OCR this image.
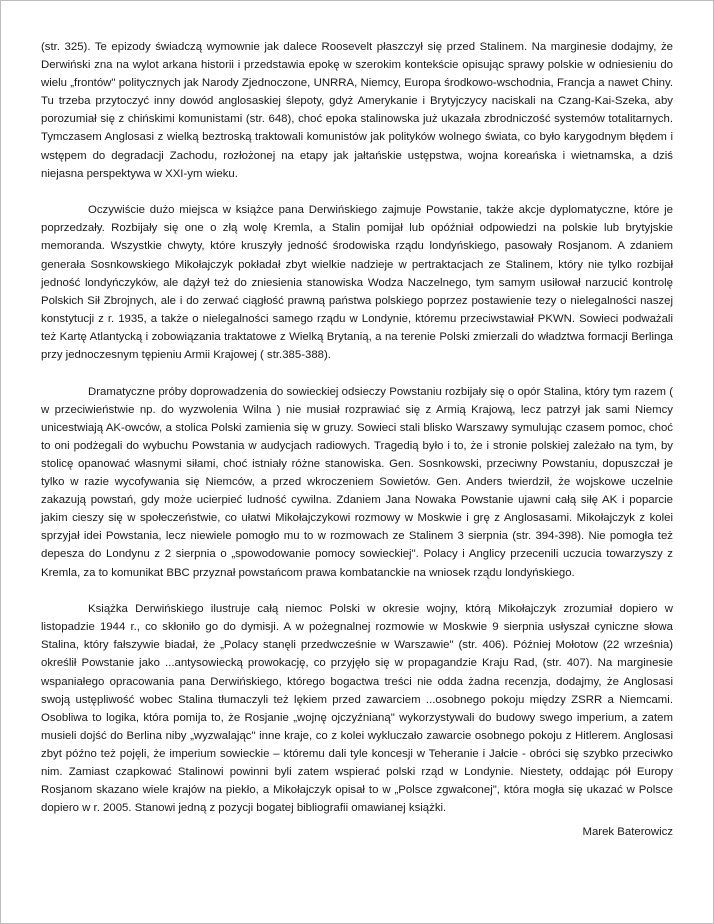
(str. 325). Te epizody świadczą wymownie jak dalece Roosevelt płaszczył się przed Stalinem. Na marginesie dodajmy, że Derwiński zna na wylot arkana historii i przedstawia epokę w szerokim kontekście opisując sprawy polskie w odniesieniu do wielu „frontów" politycznych jak Narody Zjednoczone, UNRRA, Niemcy, Europa środkowo-wschodnia, Francja a nawet Chiny. Tu trzeba przytoczyć inny dowód anglosaskiej ślepoty, gdyż Amerykanie i Brytyjczycy naciskali na Czang-Kai-Szeka, aby porozumiał się z chińskimi komunistami (str. 648), choć epoka stalinowska już ukazała zbrodniczość systemów totalitarnych. Tymczasem Anglosasi z wielką beztroską traktowali komunistów jak polityków wolnego świata, co było karygodnym błędem i wstępem do degradacji Zachodu, rozłożonej na etapy jak jałtańskie ustępstwa, wojna koreańska i wietnamska, a dziś niejasna perspektywa w XXI-ym wieku.

Oczywiście dużo miejsca w książce pana Derwińskiego zajmuje Powstanie, także akcje dyplomatyczne, które je poprzedzały. Rozbijały się one o złą wolę Kremla, a Stalin pomijał lub opóźniał odpowiedzi na polskie lub brytyjskie memoranda. Wszystkie chwyty, które kruszyły jedność środowiska rządu londyńskiego, pasowały Rosjanom. A zdaniem generała Sosnkowskiego Mikołajczyk pokładał zbyt wielkie nadzieje w pertraktacjach ze Stalinem, który nie tylko rozbijał jedność londyńczyków, ale dążył też do zniesienia stanowiska Wodza Naczelnego, tym samym usiłował narzucić kontrolę Polskich Sił Zbrojnych, ale i do zerwać ciągłość prawną państwa polskiego poprzez postawienie tezy o nielegalności naszej konstytucji z r. 1935, a także o nielegalności samego rządu w Londynie, któremu przeciwstawiał PKWN. Sowieci podważali też Kartę Atlantycką i zobowiązania traktatowe z Wielką Brytanią, a na terenie Polski zmierzali do władztwa formacji Berlinga przy jednoczesnym tępieniu Armii Krajowej ( str.385-388).

Dramatyczne próby doprowadzenia do sowieckiej odsieczy Powstaniu rozbijały się o opór Stalina, który tym razem ( w przeciwieństwie np. do wyzwolenia Wilna ) nie musiał rozprawiać się z Armią Krajową, lecz patrzył jak sami Niemcy unicestwiają AK-owców, a stolica Polski zamienia się w gruzy. Sowieci stali blisko Warszawy symulując czasem pomoc, choć to oni podżegali do wybuchu Powstania w audycjach radiowych. Tragedią było i to, że i stronie polskiej zależało na tym, by stolicę opanować własnymi siłami, choć istniały różne stanowiska. Gen. Sosnkowski, przeciwny Powstaniu, dopuszczał je tylko w razie wycofywania się Niemców, a przed wkroczeniem Sowietów. Gen. Anders twierdził, że wojskowe uczelnie zakazują powstań, gdy może ucierpieć ludność cywilna. Zdaniem Jana Nowaka Powstanie ujawni całą siłę AK i poparcie jakim cieszy się w społeczeństwie, co ułatwi Mikołajczykowi rozmowy w Moskwie i grę z Anglosasami. Mikołajczyk z kolei sprzyjał idei Powstania, lecz niewiele pomogło mu to w rozmowach ze Stalinem 3 sierpnia (str. 394-398). Nie pomogła też depesza do Londynu z 2 sierpnia o „spowodowanie pomocy sowieckiej". Polacy i Anglicy przecenili uczucia towarzyszy z Kremla, za to komunikat BBC przyznał powstańcom prawa kombatanckie na wniosek rządu londyńskiego.

Książka Derwińskiego ilustruje całą niemoc Polski w okresie wojny, którą Mikołajczyk zrozumiał dopiero w listopadzie 1944 r., co skłoniło go do dymisji. A w pożegnalnej rozmowie w Moskwie 9 sierpnia usłyszał cyniczne słowa Stalina, który fałszywie biadał, że „Polacy stanęli przedwcześnie w Warszawie" (str. 406). Później Mołotow (22 września) określił Powstanie jako ...antysowiecką prowokację, co przyjęło się w propagandzie Kraju Rad, (str. 407). Na marginesie wspaniałego opracowania pana Derwińskiego, którego bogactwa treści nie odda żadna recenzja, dodajmy, że Anglosasi swoją ustępliwość wobec Stalina tłumaczyli też lękiem przed zawarciem ...osobnego pokoju między ZSRR a Niemcami. Osobliwa to logika, która pomija to, że Rosjanie „wojnę ojczyźnianą" wykorzystywali do budowy swego imperium, a zatem musieli dojść do Berlina niby „wyzwalając" inne kraje, co z kolei wykluczało zawarcie osobnego pokoju z Hitlerem. Anglosasi zbyt późno też pojęli, że imperium sowieckie – któremu dali tyle koncesji w Teheranie i Jałcie - obróci się szybko przeciwko nim. Zamiast czapkować Stalinowi powinni byli zatem wspierać polski rząd w Londynie. Niestety, oddając pół Europy Rosjanom skazano wiele krajów na piekło, a Mikołajczyk opisał to w „Polsce zgwałconej", która mogła się ukazać w Polsce dopiero w r. 2005. Stanowi jedną z pozycji bogatej bibliografii omawianej książki.

Marek Baterowicz
